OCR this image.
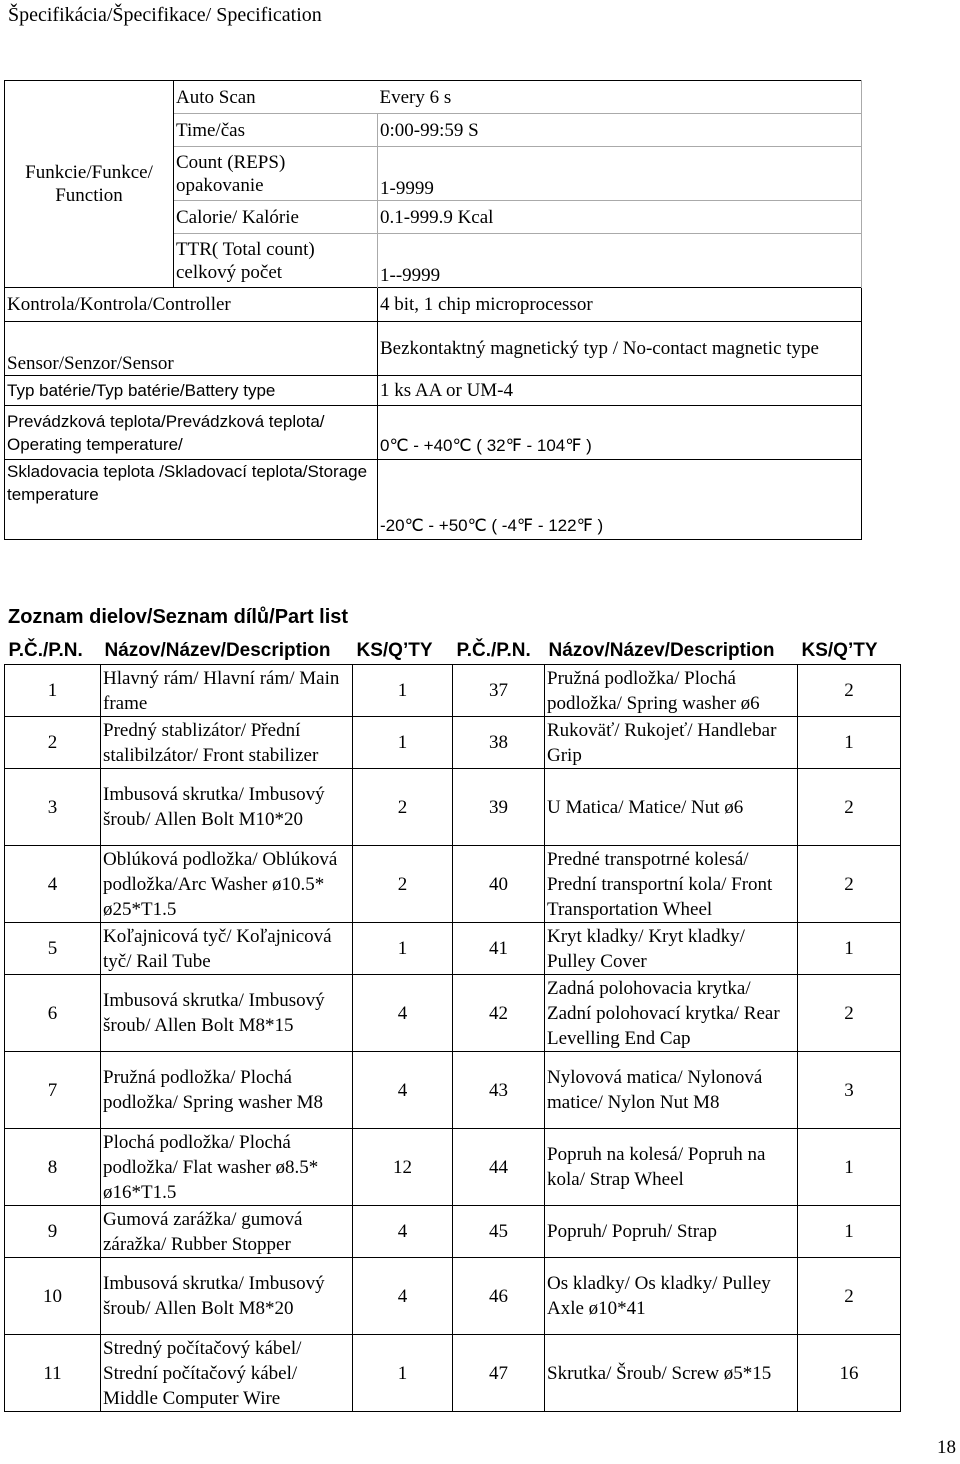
Špecifikácia/Špecifikace/ Specification
Funkcie/Funkce/ Function	Auto Scan	Every 6 s
	Time/čas	0:00-99:59 S
	Count (REPS) opakovanie	1-9999
	Calorie/ Kalórie	0.1-999.9 Kcal
	TTR( Total count) celkový počet	1--9999
Kontrola/Kontrola/Controller		4 bit, 1 chip microprocessor
Sensor/Senzor/Sensor		Bezkontaktný magnetický typ / No-contact magnetic type
Typ batérie/Typ batérie/Battery type		1 ks AA or UM-4
Prevádzková teplota/Prevádzková teplota/ Operating temperature/		0℃ - +40℃ ( 32℉ - 104℉ )
Skladovacia teplota /Skladovací teplota/Storage temperature		-20℃ - +50℃ ( -4℉ - 122℉ )
Zoznam dielov/Seznam dílů/Part list
P.Č./P.N.	Názov/Název/Description	KS/Q’TY	P.Č./P.N.	Názov/Název/Description	KS/Q’TY
1	Hlavný rám/ Hlavní rám/ Main frame	1	37	Pružná podložka/ Plochá podložka/ Spring washer ø6	2
2	Predný stablizátor/ Přední stalibilzátor/ Front stabilizer	1	38	Rukoväť/ Rukojeť/ Handlebar Grip	1
3	Imbusová skrutka/ Imbusový šroub/ Allen Bolt M10*20	2	39	U Matica/ Matice/ Nut ø6	2
4	Oblúková podložka/ Oblúková podložka/Arc Washer ø10.5* ø25*T1.5	2	40	Predné transpotrné kolesá/ Prední transportní kola/ Front Transportation Wheel	2
5	Koľajnicová tyč/ Koľajnicová tyč/ Rail Tube	1	41	Kryt kladky/ Kryt kladky/ Pulley Cover	1
6	Imbusová skrutka/ Imbusový šroub/ Allen Bolt M8*15	4	42	Zadná polohovacia krytka/ Zadní polohovací krytka/ Rear Levelling End Cap	2
7	Pružná podložka/ Plochá podložka/ Spring washer M8	4	43	Nylovová matica/ Nylonová matice/ Nylon Nut M8	3
8	Plochá podložka/ Plochá podložka/ Flat washer ø8.5* ø16*T1.5	12	44	Popruh na kolesá/ Popruh na kola/ Strap Wheel	1
9	Gumová zarážka/ gumová záražka/ Rubber Stopper	4	45	Popruh/ Popruh/ Strap	1
10	Imbusová skrutka/ Imbusový šroub/ Allen Bolt M8*20	4	46	Os kladky/ Os kladky/ Pulley Axle ø10*41	2
11	Stredný počítačový kábel/ Strední počítačový kábel/ Middle Computer Wire	1	47	Skrutka/ Šroub/ Screw ø5*15	16
18
